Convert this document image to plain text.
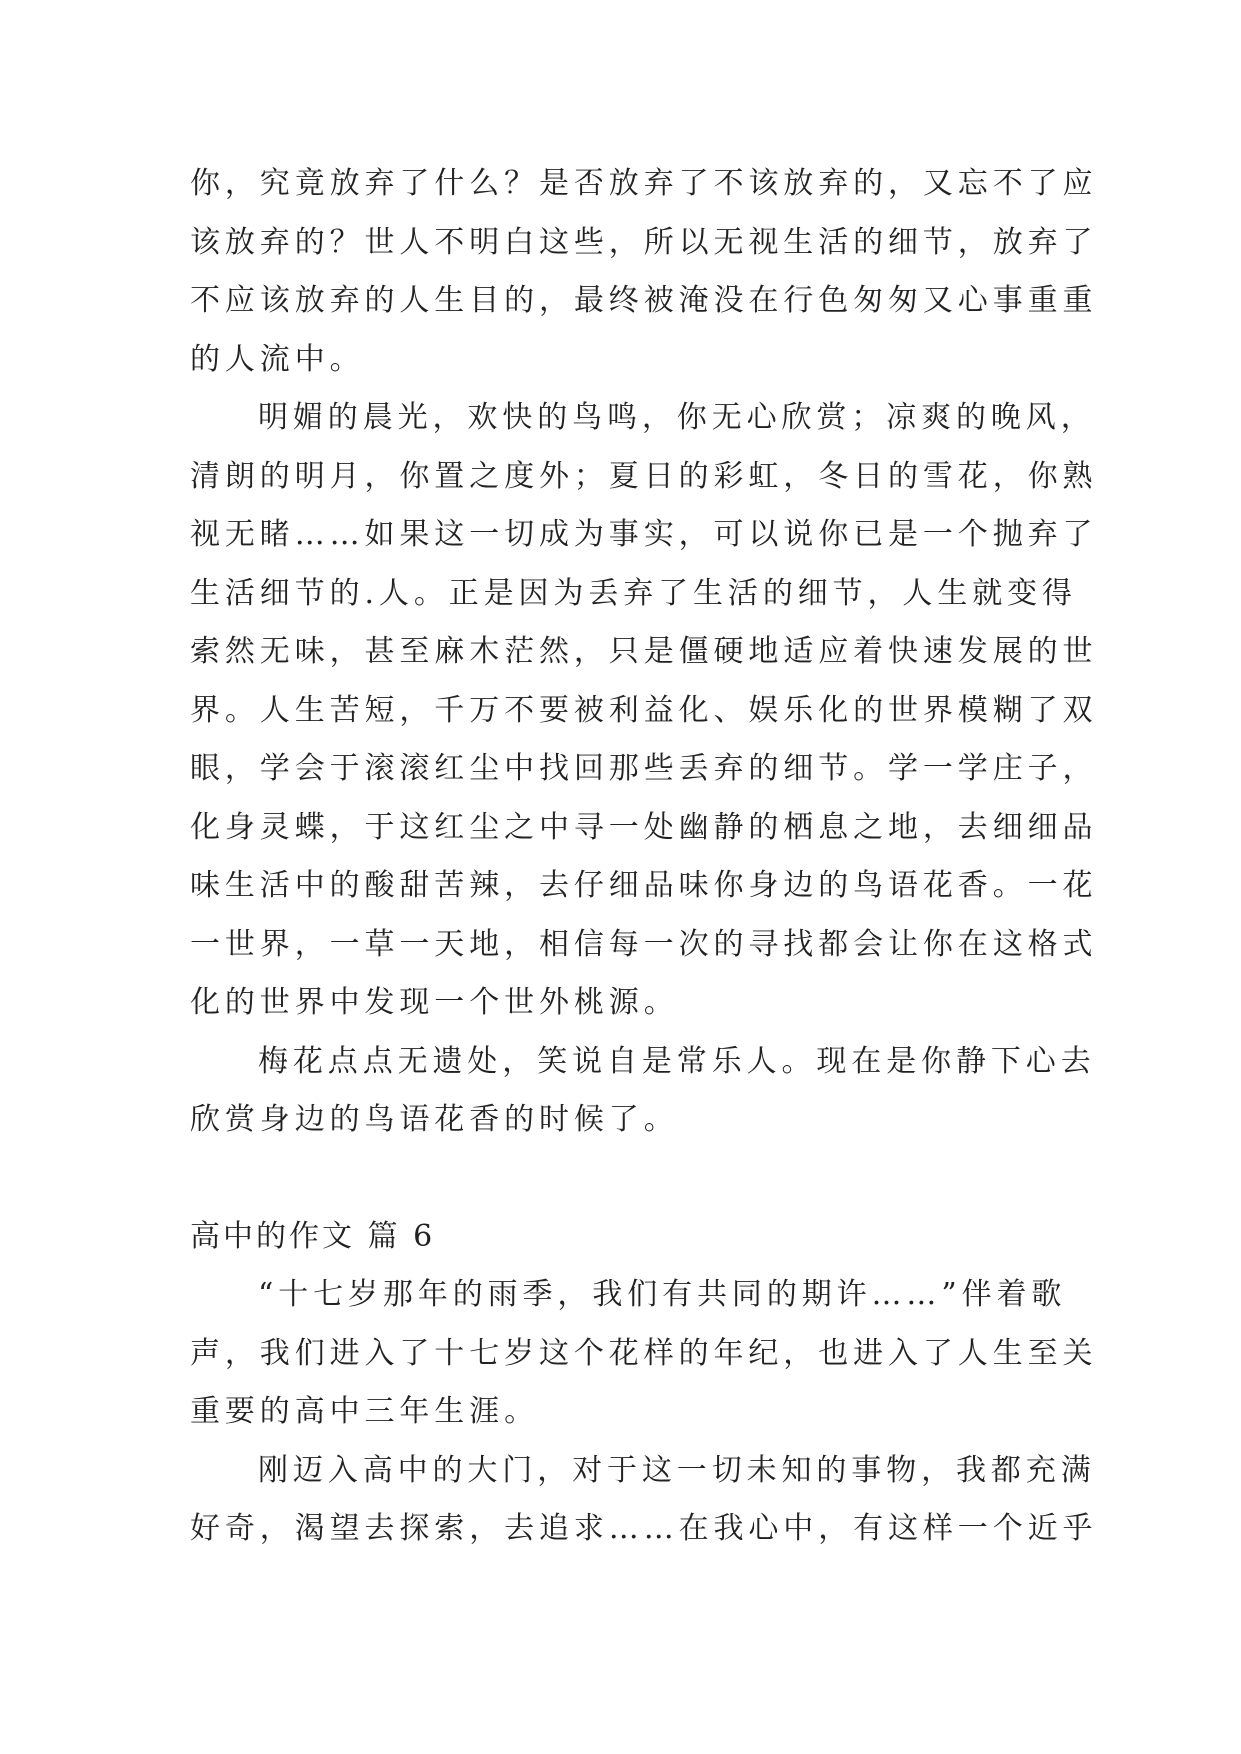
你，究竟放弃了什么？是否放弃了不该放弃的，又忘不了应
该放弃的？世人不明白这些，所以无视生活的细节，放弃了
不应该放弃的人生目的，最终被淹没在行色匆匆又心事重重
的人流中。
明媚的晨光，欢快的鸟鸣，你无心欣赏；凉爽的晚风，
清朗的明月，你置之度外；夏日的彩虹，冬日的雪花，你熟
视无睹……如果这一切成为事实，可以说你已是一个抛弃了
生活细节的.人。正是因为丢弃了生活的细节，人生就变得
索然无味，甚至麻木茫然，只是僵硬地适应着快速发展的世
界。人生苦短，千万不要被利益化、娱乐化的世界模糊了双
眼，学会于滚滚红尘中找回那些丢弃的细节。学一学庄子，
化身灵蝶，于这红尘之中寻一处幽静的栖息之地，去细细品
味生活中的酸甜苦辣，去仔细品味你身边的鸟语花香。一花
一世界，一草一天地，相信每一次的寻找都会让你在这格式
化的世界中发现一个世外桃源。
梅花点点无遗处，笑说自是常乐人。现在是你静下心去
欣赏身边的鸟语花香的时候了。
高中的作文 篇 6
“十七岁那年的雨季，我们有共同的期许……”伴着歌
声，我们进入了十七岁这个花样的年纪，也进入了人生至关
重要的高中三年生涯。
刚迈入高中的大门，对于这一切未知的事物，我都充满
好奇，渴望去探索，去追求……在我心中，有这样一个近乎
